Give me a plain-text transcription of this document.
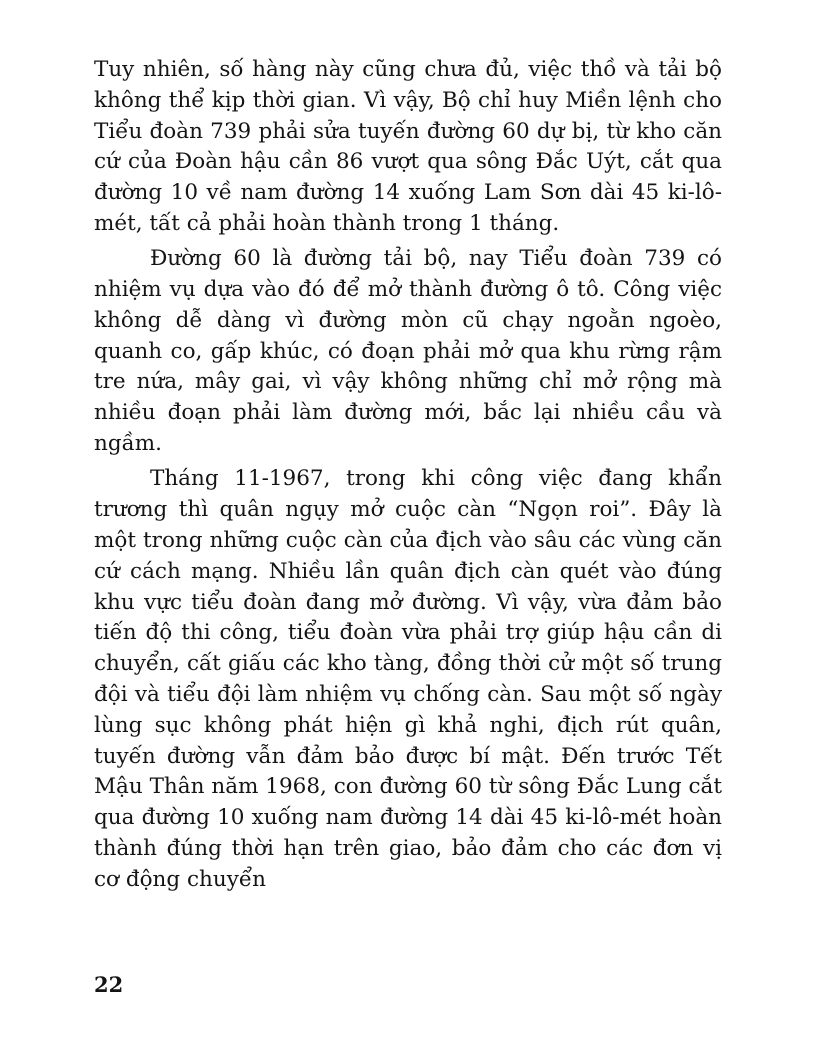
Tuy nhiên, số hàng này cũng chưa đủ, việc thồ và tải bộ không thể kịp thời gian. Vì vậy, Bộ chỉ huy Miền lệnh cho Tiểu đoàn 739 phải sửa tuyến đường 60 dự bị, từ kho căn cứ của Đoàn hậu cần 86 vượt qua sông Đắc Uýt, cắt qua đường 10 về nam đường 14 xuống Lam Sơn dài 45 ki-lô-mét, tất cả phải hoàn thành trong 1 tháng.

Đường 60 là đường tải bộ, nay Tiểu đoàn 739 có nhiệm vụ dựa vào đó để mở thành đường ô tô. Công việc không dễ dàng vì đường mòn cũ chạy ngoằn ngoèo, quanh co, gấp khúc, có đoạn phải mở qua khu rừng rậm tre nứa, mây gai, vì vậy không những chỉ mở rộng mà nhiều đoạn phải làm đường mới, bắc lại nhiều cầu và ngầm.

Tháng 11-1967, trong khi công việc đang khẩn trương thì quân ngụy mở cuộc càn “Ngọn roi”. Đây là một trong những cuộc càn của địch vào sâu các vùng căn cứ cách mạng. Nhiều lần quân địch càn quét vào đúng khu vực tiểu đoàn đang mở đường. Vì vậy, vừa đảm bảo tiến độ thi công, tiểu đoàn vừa phải trợ giúp hậu cần di chuyển, cất giấu các kho tàng, đồng thời cử một số trung đội và tiểu đội làm nhiệm vụ chống càn. Sau một số ngày lùng sục không phát hiện gì khả nghi, địch rút quân, tuyến đường vẫn đảm bảo được bí mật. Đến trước Tết Mậu Thân năm 1968, con đường 60 từ sông Đắc Lung cắt qua đường 10 xuống nam đường 14 dài 45 ki-lô-mét hoàn thành đúng thời hạn trên giao, bảo đảm cho các đơn vị cơ động chuyển

22
